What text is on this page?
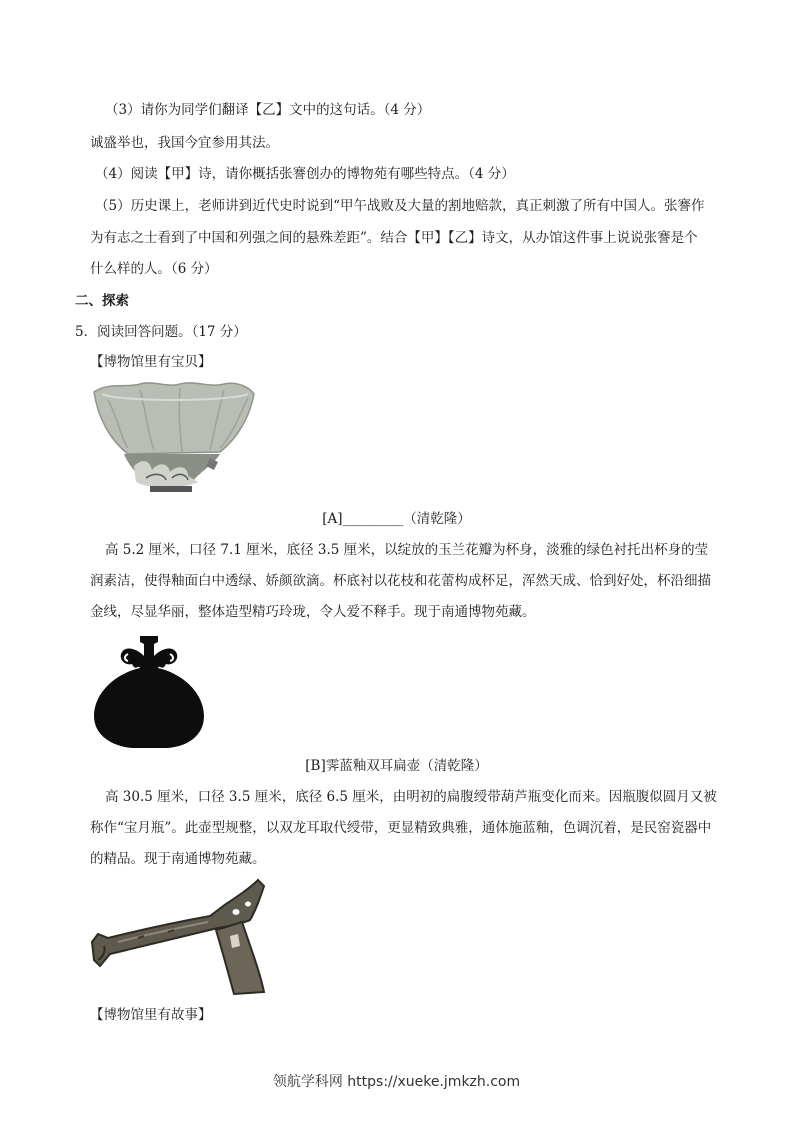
（3）请你为同学们翻译【乙】文中的这句话。（4 分）
诚盛举也，我国今宜参用其法。
（4）阅读【甲】诗，请你概括张謇创办的博物苑有哪些特点。（4 分）
（5）历史课上，老师讲到近代史时说到“甲午战败及大量的割地赔款，真正刺激了所有中国人。张謇作
为有志之士看到了中国和列强之间的悬殊差距”。结合【甲】【乙】诗文，从办馆这件事上说说张謇是个
什么样的人。（6 分）
二、探索
5．阅读回答问题。（17 分）
【博物馆里有宝贝】
[A]_________（清乾隆）
高 5.2 厘米，口径 7.1 厘米，底径 3.5 厘米，以绽放的玉兰花瓣为杯身，淡雅的绿色衬托出杯身的莹
润素洁，使得釉面白中透绿、娇颜欲滴。杯底衬以花枝和花蕾构成杯足，浑然天成、恰到好处，杯沿细描
金线，尽显华丽，整体造型精巧玲珑，令人爱不释手。现于南通博物苑藏。
[B]霁蓝釉双耳扁壶（清乾隆）
高 30.5 厘米，口径 3.5 厘米，底径 6.5 厘米，由明初的扁腹绶带葫芦瓶变化而来。因瓶腹似圆月又被
称作“宝月瓶”。此壶型规整，以双龙耳取代绶带，更显精致典雅，通体施蓝釉，色调沉着，是民窑瓷器中
的精品。现于南通博物苑藏。
【博物馆里有故事】
领航学科网 https://xueke.jmkzh.com
